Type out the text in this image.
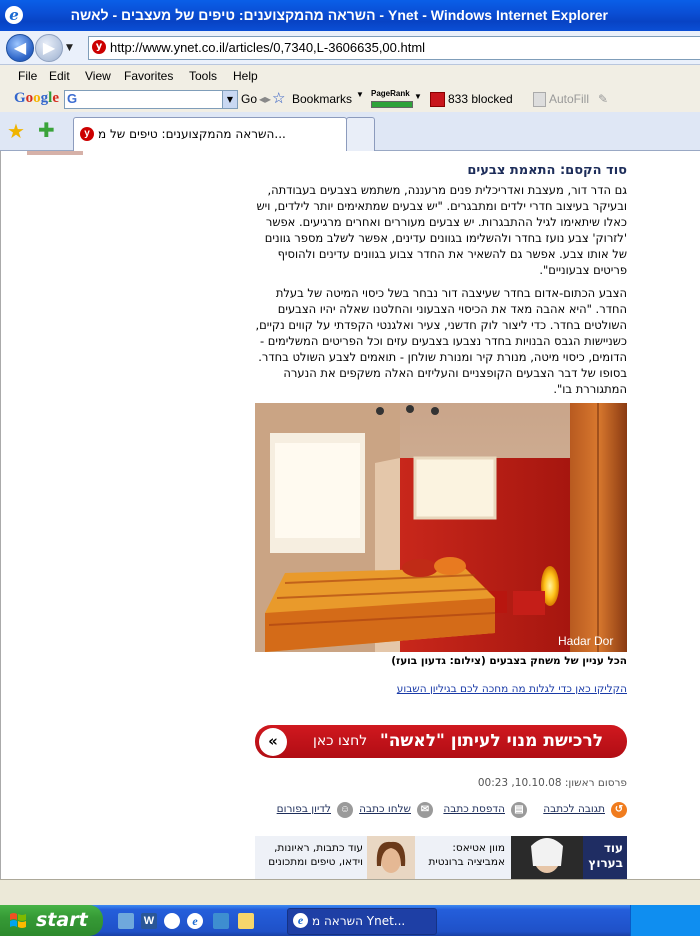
e	השראה מהמקצוענים: טיפים של מעצבים - לאשה - Ynet - Windows Internet Explorer
◀	▶	▼	y http://www.ynet.co.il/articles/0,7340,L-3606635,00.html
File Edit View Favorites Tools Help
Google G	▼ Go ◂▸ ☆ Bookmarks ▼ PageRank ▼ 833 blocked	AutoFill ✎
★ ✚	y השראה מהמקצוענים: טיפים של מ...
סוד הקסם: התאמת צבעים
גם הדר דור, מעצבת ואדריכלית פנים מרעננה, משתמש בצבעים בעבודתה, ובעיקר בעיצוב חדרי ילדים ומתבגרים. "יש צבעים שמתאימים יותר לילדים, ויש כאלו שיתאימו לגיל ההתבגרות. יש צבעים מעוררים ואחרים מרגיעים. אפשר 'לזרוק' צבע נועז בחדר ולהשלימו בגוונים עדינים, אפשר לשלב מספר גוונים של אותו צבע. אפשר גם להשאיר את החדר צבוע בגוונים עדינים ולהוסיף פריטים צבעוניים".
הצבע הכתום-אדום בחדר שעיצבה דור נבחר בשל כיסוי המיטה של בעלת החדר. "היא אהבה מאד את הכיסוי הצבעוני והחלטנו שאלה יהיו הצבעים השולטים בחדר. כדי ליצור לוק חדשני, צעיר ואלגנטי הקפדתי על קווים נקיים, כשניישות הגבס הבנויות בחדר נצבעו בצבעים עזים וכל הפריטים המשלימים - הדומים, כיסוי מיטה, מנורת קיר ומנורת שולחן - תואמים לצבע השולט בחדר. בסופו של דבר הצבעים הקופצניים והעליזים האלה משקפים את הנערה המתגוררת בו".
Hadar Dor
הכל עניין של משחק בצבעים (צילום: גדעון בועז)
הקליקו כאן כדי לגלות מה מחכה לכם בגיליון השבוע
לרכישת מנוי לעיתון "לאשה"
לחצו כאן
«
פרסום ראשון: 10.10.08, 00:23
↺
תגובה לכתבה
▤
הדפסת כתבה
✉
שלחו כתבה
☺
לדיון בפורום
עוד בערוץ
מוון אטיאס: אמביציה ברונטית
עוד כתבות, ראיונות, וידאו, טיפים ומתכונים
start	W	e	e השראה מ Ynet...
